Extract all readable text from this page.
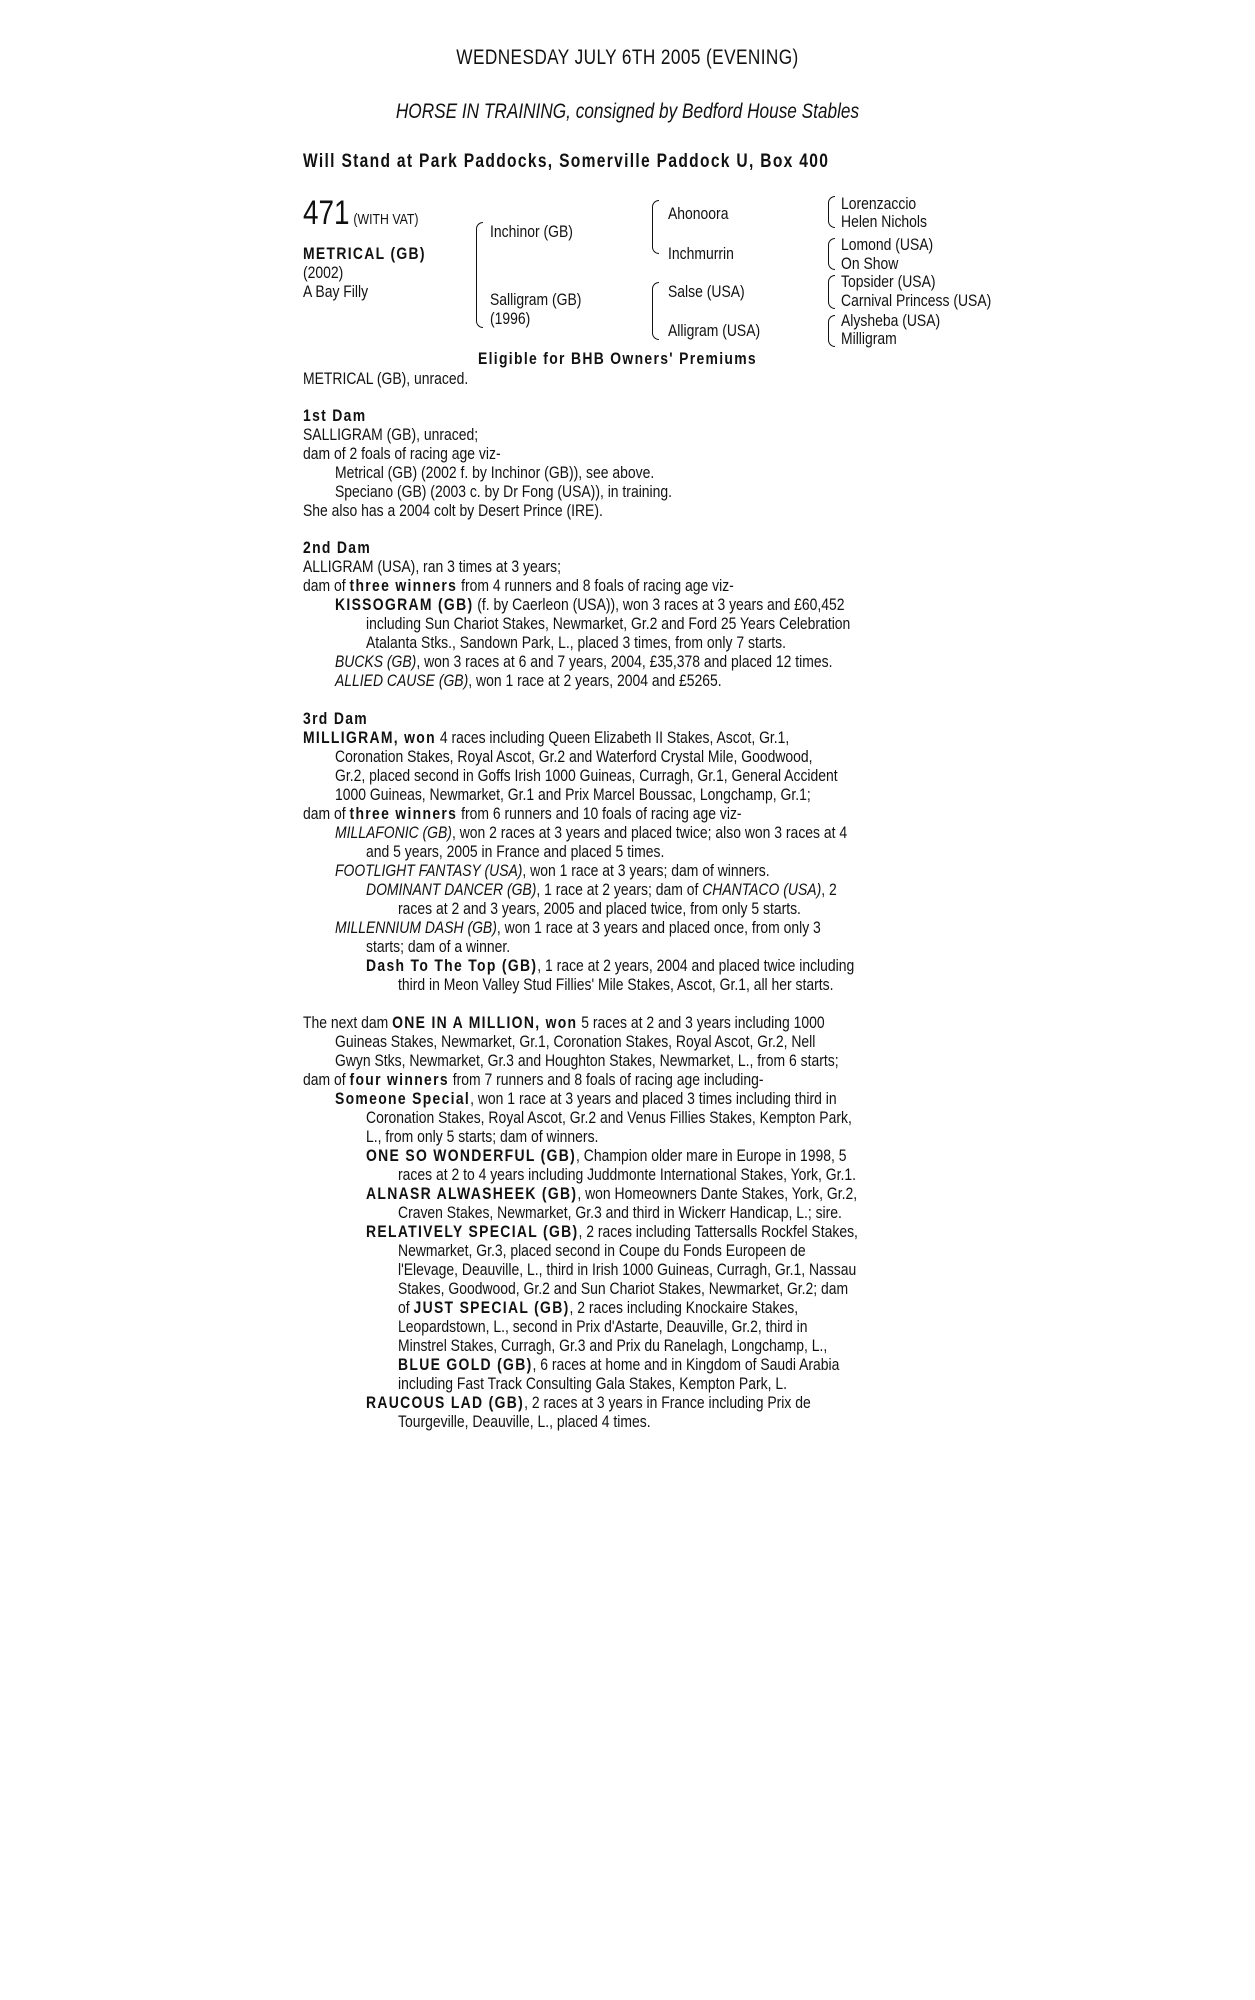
WEDNESDAY JULY 6TH 2005 (EVENING)
HORSE IN TRAINING, consigned by Bedford House Stables
Will Stand at Park Paddocks, Somerville Paddock U, Box 400
471 (WITH VAT)
METRICAL (GB)
(2002)
A Bay Filly
Inchinor (GB)
Salligram (GB)
(1996)
Ahonoora
Inchmurrin
Salse (USA)
Alligram (USA)
Lorenzaccio
Helen Nichols
Lomond (USA)
On Show
Topsider (USA)
Carnival Princess (USA)
Alysheba (USA)
Milligram
Eligible for BHB Owners' Premiums
METRICAL (GB), unraced.
1st Dam
SALLIGRAM (GB), unraced;
dam of 2 foals of racing age viz-
Metrical (GB) (2002 f. by Inchinor (GB)), see above.
Speciano (GB) (2003 c. by Dr Fong (USA)), in training.
She also has a 2004 colt by Desert Prince (IRE).
2nd Dam
ALLIGRAM (USA), ran 3 times at 3 years;
dam of three winners from 4 runners and 8 foals of racing age viz-
KISSOGRAM (GB) (f. by Caerleon (USA)), won 3 races at 3 years and £60,452
including Sun Chariot Stakes, Newmarket, Gr.2 and Ford 25 Years Celebration
Atalanta Stks., Sandown Park, L., placed 3 times, from only 7 starts.
BUCKS (GB), won 3 races at 6 and 7 years, 2004, £35,378 and placed 12 times.
ALLIED CAUSE (GB), won 1 race at 2 years, 2004 and £5265.
3rd Dam
MILLIGRAM, won 4 races including Queen Elizabeth II Stakes, Ascot, Gr.1,
Coronation Stakes, Royal Ascot, Gr.2 and Waterford Crystal Mile, Goodwood,
Gr.2, placed second in Goffs Irish 1000 Guineas, Curragh, Gr.1, General Accident
1000 Guineas, Newmarket, Gr.1 and Prix Marcel Boussac, Longchamp, Gr.1;
dam of three winners from 6 runners and 10 foals of racing age viz-
MILLAFONIC (GB), won 2 races at 3 years and placed twice; also won 3 races at 4
and 5 years, 2005 in France and placed 5 times.
FOOTLIGHT FANTASY (USA), won 1 race at 3 years; dam of winners.
DOMINANT DANCER (GB), 1 race at 2 years; dam of CHANTACO (USA), 2
races at 2 and 3 years, 2005 and placed twice, from only 5 starts.
MILLENNIUM DASH (GB), won 1 race at 3 years and placed once, from only 3
starts; dam of a winner.
Dash To The Top (GB), 1 race at 2 years, 2004 and placed twice including
third in Meon Valley Stud Fillies' Mile Stakes, Ascot, Gr.1, all her starts.
The next dam ONE IN A MILLION, won 5 races at 2 and 3 years including 1000
Guineas Stakes, Newmarket, Gr.1, Coronation Stakes, Royal Ascot, Gr.2, Nell
Gwyn Stks, Newmarket, Gr.3 and Houghton Stakes, Newmarket, L., from 6 starts;
dam of four winners from 7 runners and 8 foals of racing age including-
Someone Special, won 1 race at 3 years and placed 3 times including third in
Coronation Stakes, Royal Ascot, Gr.2 and Venus Fillies Stakes, Kempton Park,
L., from only 5 starts; dam of winners.
ONE SO WONDERFUL (GB), Champion older mare in Europe in 1998, 5
races at 2 to 4 years including Juddmonte International Stakes, York, Gr.1.
ALNASR ALWASHEEK (GB), won Homeowners Dante Stakes, York, Gr.2,
Craven Stakes, Newmarket, Gr.3 and third in Wickerr Handicap, L.; sire.
RELATIVELY SPECIAL (GB), 2 races including Tattersalls Rockfel Stakes,
Newmarket, Gr.3, placed second in Coupe du Fonds Europeen de
l'Elevage, Deauville, L., third in Irish 1000 Guineas, Curragh, Gr.1, Nassau
Stakes, Goodwood, Gr.2 and Sun Chariot Stakes, Newmarket, Gr.2; dam
of JUST SPECIAL (GB), 2 races including Knockaire Stakes,
Leopardstown, L., second in Prix d'Astarte, Deauville, Gr.2, third in
Minstrel Stakes, Curragh, Gr.3 and Prix du Ranelagh, Longchamp, L.,
BLUE GOLD (GB), 6 races at home and in Kingdom of Saudi Arabia
including Fast Track Consulting Gala Stakes, Kempton Park, L.
RAUCOUS LAD (GB), 2 races at 3 years in France including Prix de
Tourgeville, Deauville, L., placed 4 times.
